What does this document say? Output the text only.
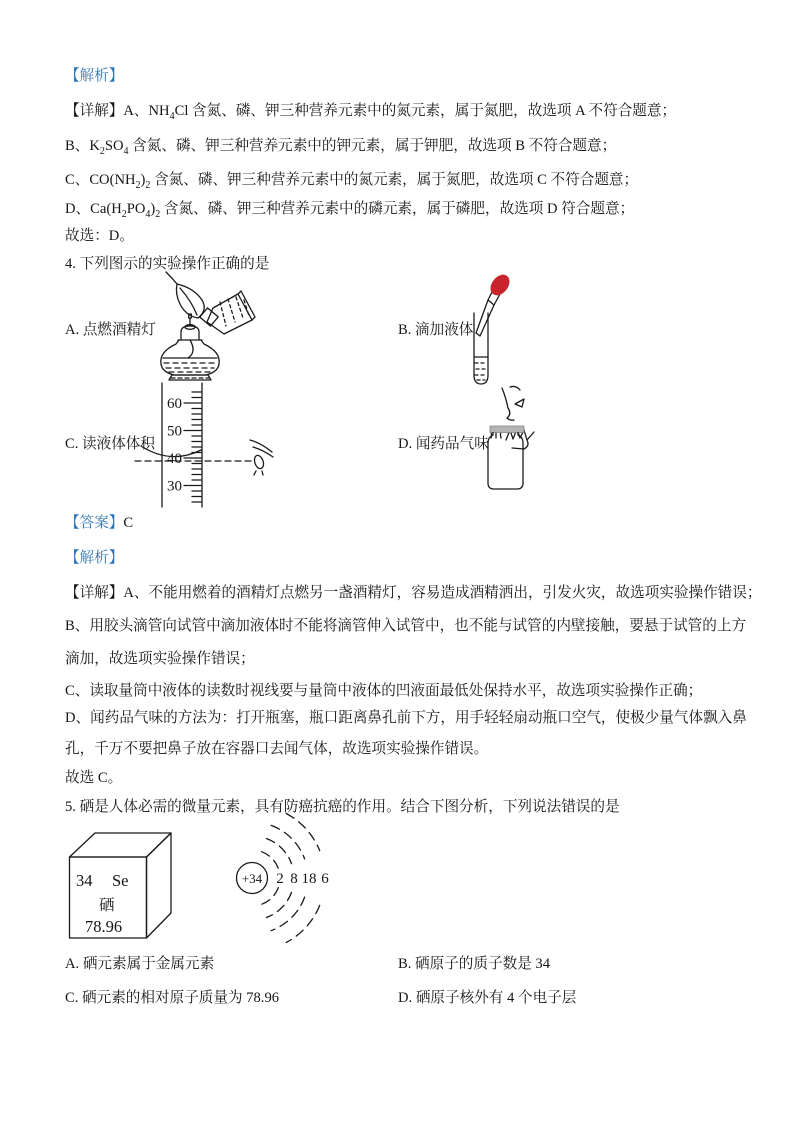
【解析】
【详解】A、$NH_4Cl$ 含氮、磷、钾三种营养元素中的氮元素，属于氮肥，故选项 A 不符合题意；
B、$K_2SO_4$ 含氮、磷、钾三种营养元素中的钾元素，属于钾肥，故选项 B 不符合题意；
C、$CO(NH_2)_2$ 含氮、磷、钾三种营养元素中的氮元素，属于氮肥，故选项 C 不符合题意；
D、$Ca(H_2PO_4)_2$ 含氮、磷、钾三种营养元素中的磷元素，属于磷肥，故选项 D 符合题意；
故选：D。
4. 下列图示的实验操作正确的是
A. 点燃酒精灯	B. 滴加液体
C. 读液体体积	D. 闻药品气味
60
50
40
30
【答案】C
【解析】
【详解】A、不能用燃着的酒精灯点燃另一盏酒精灯，容易造成酒精洒出，引发火灾，故选项实验操作错误；
B、用胶头滴管向试管中滴加液体时不能将滴管伸入试管中，也不能与试管的内壁接触，要悬于试管的上方
滴加，故选项实验操作错误；
C、读取量筒中液体的读数时视线要与量筒中液体的凹液面最低处保持水平，故选项实验操作正确；
D、闻药品气味的方法为：打开瓶塞，瓶口距离鼻孔前下方，用手轻轻扇动瓶口空气，使极少量气体飘入鼻
孔，千万不要把鼻子放在容器口去闻气体，故选项实验操作错误。
故选 C。
5. 硒是人体必需的微量元素，具有防癌抗癌的作用。结合下图分析，下列说法错误的是
34 Se
硒
78.96
+34 2 8 18 6
A. 硒元素属于金属元素	B. 硒原子的质子数是 34
C. 硒元素的相对原子质量为 78.96	D. 硒原子核外有 4 个电子层
